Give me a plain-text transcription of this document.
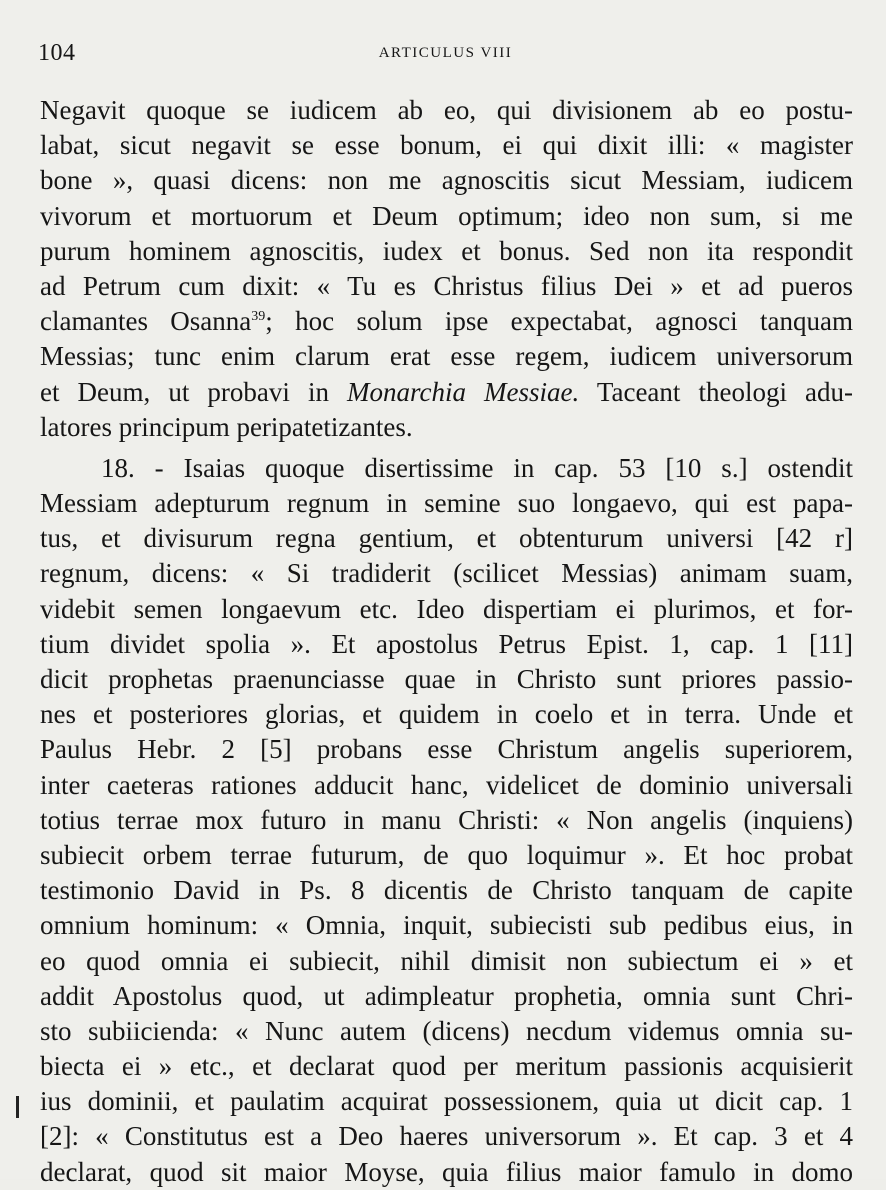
104	ARTICULUS VIII
Negavit quoque se iudicem ab eo, qui divisionem ab eo postu-
labat, sicut negavit se esse bonum, ei qui dixit illi: « magister
bone », quasi dicens: non me agnoscitis sicut Messiam, iudicem
vivorum et mortuorum et Deum optimum; ideo non sum, si me
purum hominem agnoscitis, iudex et bonus. Sed non ita respondit
ad Petrum cum dixit: « Tu es Christus filius Dei » et ad pueros
clamantes Osanna$^{39}$; hoc solum ipse expectabat, agnosci tanquam
Messias; tunc enim clarum erat esse regem, iudicem universorum
et Deum, ut probavi in Monarchia Messiae. Taceant theologi adu-
latores principum peripatetizantes.
18. - Isaias quoque disertissime in cap. 53 [10 s.] ostendit
Messiam adepturum regnum in semine suo longaevo, qui est papa-
tus, et divisurum regna gentium, et obtenturum universi [42 r]
regnum, dicens: « Si tradiderit (scilicet Messias) animam suam,
videbit semen longaevum etc. Ideo dispertiam ei plurimos, et for-
tium dividet spolia ». Et apostolus Petrus Epist. 1, cap. 1 [11]
dicit prophetas praenunciasse quae in Christo sunt priores passio-
nes et posteriores glorias, et quidem in coelo et in terra. Unde et
Paulus Hebr. 2 [5] probans esse Christum angelis superiorem,
inter caeteras rationes adducit hanc, videlicet de dominio universali
totius terrae mox futuro in manu Christi: « Non angelis (inquiens)
subiecit orbem terrae futurum, de quo loquimur ». Et hoc probat
testimonio David in Ps. 8 dicentis de Christo tanquam de capite
omnium hominum: « Omnia, inquit, subiecisti sub pedibus eius, in
eo quod omnia ei subiecit, nihil dimisit non subiectum ei » et
addit Apostolus quod, ut adimpleatur prophetia, omnia sunt Chri-
sto subiicienda: « Nunc autem (dicens) necdum videmus omnia su-
biecta ei » etc., et declarat quod per meritum passionis acquisierit
ius dominii, et paulatim acquirat possessionem, quia ut dicit cap. 1
[2]: « Constitutus est a Deo haeres universorum ». Et cap. 3 et 4
declarat, quod sit maior Moyse, quia filius maior famulo in domo
